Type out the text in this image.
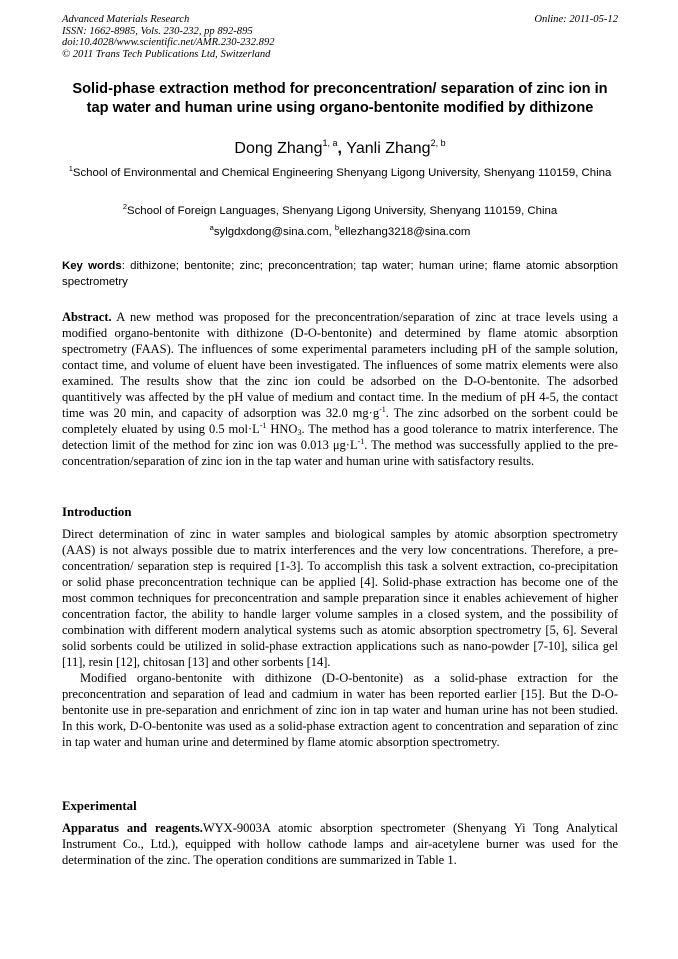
Advanced Materials Research
ISSN: 1662-8985, Vols. 230-232, pp 892-895
doi:10.4028/www.scientific.net/AMR.230-232.892
© 2011 Trans Tech Publications Ltd, Switzerland
Online: 2011-05-12
Solid-phase extraction method for preconcentration/ separation of zinc ion in tap water and human urine using organo-bentonite modified by dithizone
Dong Zhang$^{1, a}$, Yanli Zhang$^{2, b}$
$^1$School of Environmental and Chemical Engineering Shenyang Ligong University, Shenyang 110159, China
$^2$School of Foreign Languages, Shenyang Ligong University, Shenyang 110159, China
$^a$sylgdxdong@sina.com, $^b$ellezhang3218@sina.com
Key words: dithizone; bentonite; zinc; preconcentration; tap water; human urine; flame atomic absorption spectrometry
Abstract. A new method was proposed for the preconcentration/separation of zinc at trace levels using a modified organo-bentonite with dithizone (D-O-bentonite) and determined by flame atomic absorption spectrometry (FAAS). The influences of some experimental parameters including pH of the sample solution, contact time, and volume of eluent have been investigated. The influences of some matrix elements were also examined. The results show that the zinc ion could be adsorbed on the D-O-bentonite. The adsorbed quantitively was affected by the pH value of medium and contact time. In the medium of pH 4-5, the contact time was 20 min, and capacity of adsorption was 32.0 $mg\cdot g^{-1}$. The zinc adsorbed on the sorbent could be completely eluated by using 0.5 $mol\cdot L^{-1}$ $HNO_3$. The method has a good tolerance to matrix interference. The detection limit of the method for zinc ion was 0.013 $\mu g\cdot L^{-1}$. The method was successfully applied to the pre-concentration/separation of zinc ion in the tap water and human urine with satisfactory results.
Introduction
Direct determination of zinc in water samples and biological samples by atomic absorption spectrometry (AAS) is not always possible due to matrix interferences and the very low concentrations. Therefore, a pre-concentration/ separation step is required [1-3]. To accomplish this task a solvent extraction, co-precipitation or solid phase preconcentration technique can be applied [4]. Solid-phase extraction has become one of the most common techniques for preconcentration and sample preparation since it enables achievement of higher concentration factor, the ability to handle larger volume samples in a closed system, and the possibility of combination with different modern analytical systems such as atomic absorption spectrometry [5, 6]. Several solid sorbents could be utilized in solid-phase extraction applications such as nano-powder [7-10], silica gel [11], resin [12], chitosan [13] and other sorbents [14].
Modified organo-bentonite with dithizone (D-O-bentonite) as a solid-phase extraction for the preconcentration and separation of lead and cadmium in water has been reported earlier [15]. But the D-O-bentonite use in pre-separation and enrichment of zinc ion in tap water and human urine has not been studied. In this work, D-O-bentonite was used as a solid-phase extraction agent to concentration and separation of zinc in tap water and human urine and determined by flame atomic absorption spectrometry.
Experimental
Apparatus and reagents.WYX-9003A atomic absorption spectrometer (Shenyang Yi Tong Analytical Instrument Co., Ltd.), equipped with hollow cathode lamps and air-acetylene burner was used for the determination of the zinc. The operation conditions are summarized in Table 1.
